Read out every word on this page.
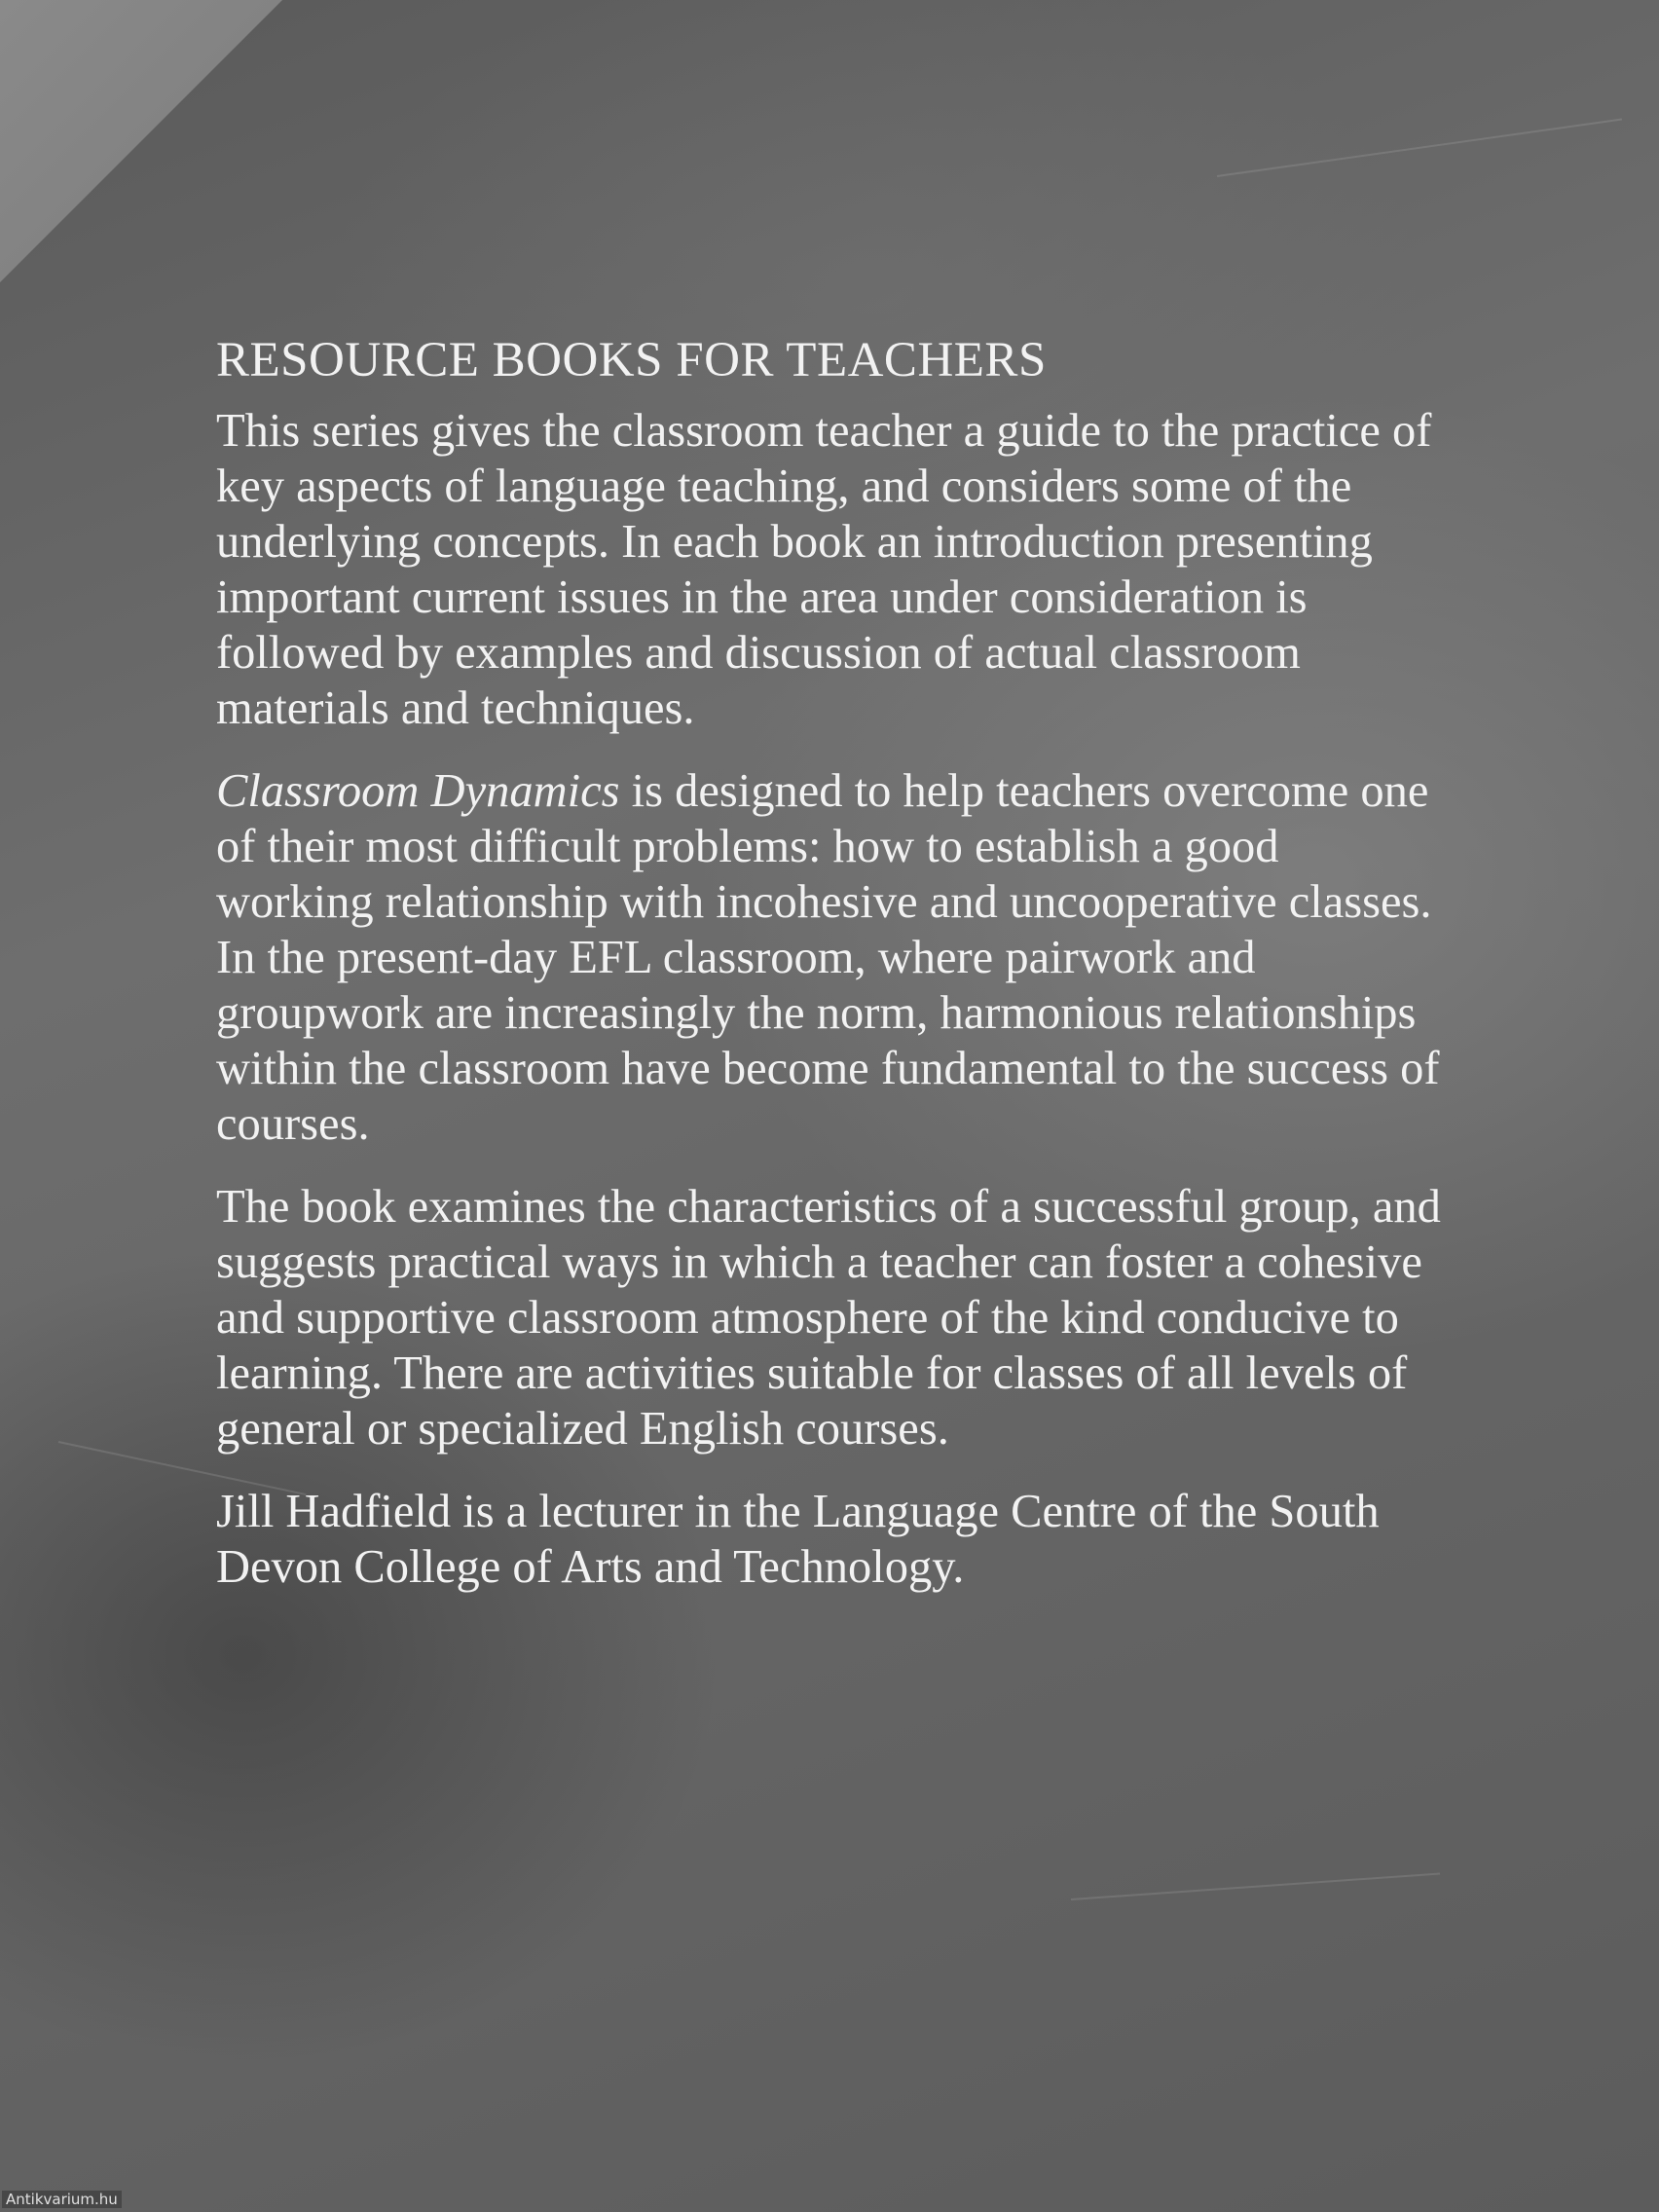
RESOURCE BOOKS FOR TEACHERS

This series gives the classroom teacher a guide to the practice of key aspects of language teaching, and considers some of the underlying concepts. In each book an introduction presenting important current issues in the area under consideration is followed by examples and discussion of actual classroom materials and techniques.

Classroom Dynamics is designed to help teachers overcome one of their most difficult problems: how to establish a good working relationship with incohesive and uncooperative classes. In the present-day EFL classroom, where pairwork and groupwork are increasingly the norm, harmonious relationships within the classroom have become fundamental to the success of courses.

The book examines the characteristics of a successful group, and suggests practical ways in which a teacher can foster a cohesive and supportive classroom atmosphere of the kind conducive to learning. There are activities suitable for classes of all levels of general or specialized English courses.

Jill Hadfield is a lecturer in the Language Centre of the South Devon College of Arts and Technology.

Antikvarium.hu
